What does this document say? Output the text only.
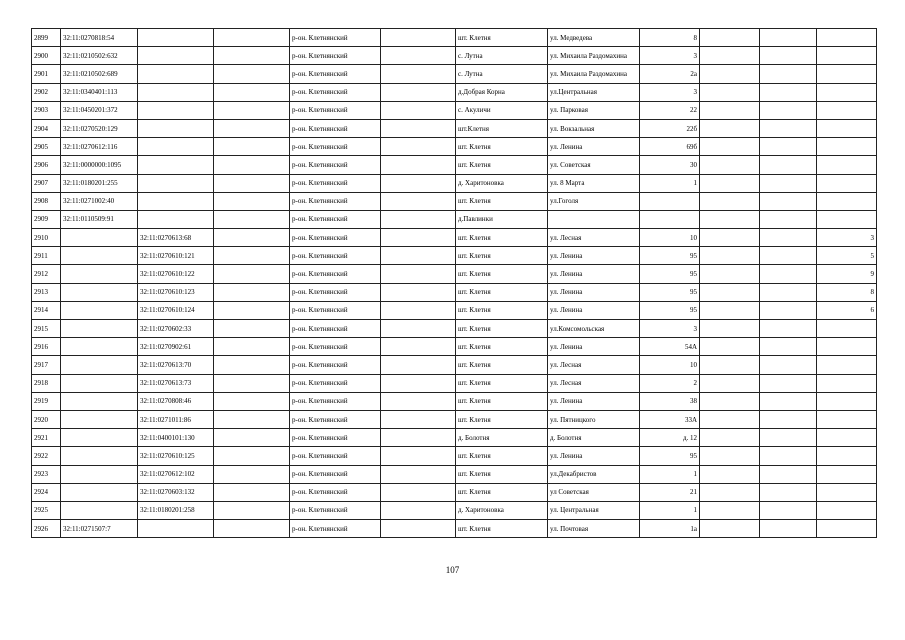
2899	32:11:0270818:54			р-он. Клетнянский		шт. Клетня	ул. Медведева	8			
2900	32:11:0210502:632			р-он. Клетнянский		с. Лутна	ул. Михаила Раздомахина	3			
2901	32:11:0210502:689			р-он. Клетнянский		с. Лутна	ул. Михаила Раздомахина	2а			
2902	32:11:0340401:113			р-он. Клетнянский		д.Добрая Корна	ул.Центральная	3			
2903	32:11:0450201:372			р-он. Клетнянский		с. Акуличи	ул. Парковая	22			
2904	32:11:0270520:129			р-он. Клетнянский		шт.Клетня	ул. Вокзальная	22б			
2905	32:11:0270612:116			р-он. Клетнянский		шт. Клетня	ул. Ленина	69б			
2906	32:11:0000000:1095			р-он. Клетнянский		шт. Клетня	ул. Советская	30			
2907	32:11:0180201:255			р-он. Клетнянский		д. Харитоновка	ул. 8 Марта	1			
2908	32:11:0271002:40			р-он. Клетнянский		шт. Клетня	ул.Гоголя				
2909	32:11:0110509:91			р-он. Клетнянский		д.Павлинки					
2910		32:11:0270613:68		р-он. Клетнянский		шт. Клетня	ул. Лесная	10			3
2911		32:11:0270610:121		р-он. Клетнянский		шт. Клетня	ул. Ленина	95			5
2912		32:11:0270610:122		р-он. Клетнянский		шт. Клетня	ул. Ленина	95			9
2913		32:11:0270610:123		р-он. Клетнянский		шт. Клетня	ул. Ленина	95			8
2914		32:11:0270610:124		р-он. Клетнянский		шт. Клетня	ул. Ленина	95			6
2915		32:11:0270602:33		р-он. Клетнянский		шт. Клетня	ул.Комсомольская	3			
2916		32:11:0270902:61		р-он. Клетнянский		шт. Клетня	ул. Ленина	54А			
2917		32:11:0270613:70		р-он. Клетнянский		шт. Клетня	ул. Лесная	10			
2918		32:11:0270613:73		р-он. Клетнянский		шт. Клетня	ул. Лесная	2			
2919		32:11:0270808:46		р-он. Клетнянский		шт. Клетня	ул. Ленина	38			
2920		32:11:0271011:86		р-он. Клетнянский		шт. Клетня	ул. Пятницкого	33А			
2921		32:11:0400101:130		р-он. Клетнянский		д. Болотня	д. Болотня	д. 12			
2922		32:11:0270610:125		р-он. Клетнянский		шт. Клетня	ул. Ленина	95			
2923		32:11:0270612:102		р-он. Клетнянский		шт. Клетня	ул.Декабристов	1			
2924		32:11:0270603:132		р-он. Клетнянский		шт. Клетня	ул Советская	21			
2925		32:11:0180201:258		р-он. Клетнянский		д. Харитоновка	ул. Центральная	1			
2926	32:11:0271507:7			р-он. Клетнянский		шт. Клетня	ул. Почтовая	1а			
107
